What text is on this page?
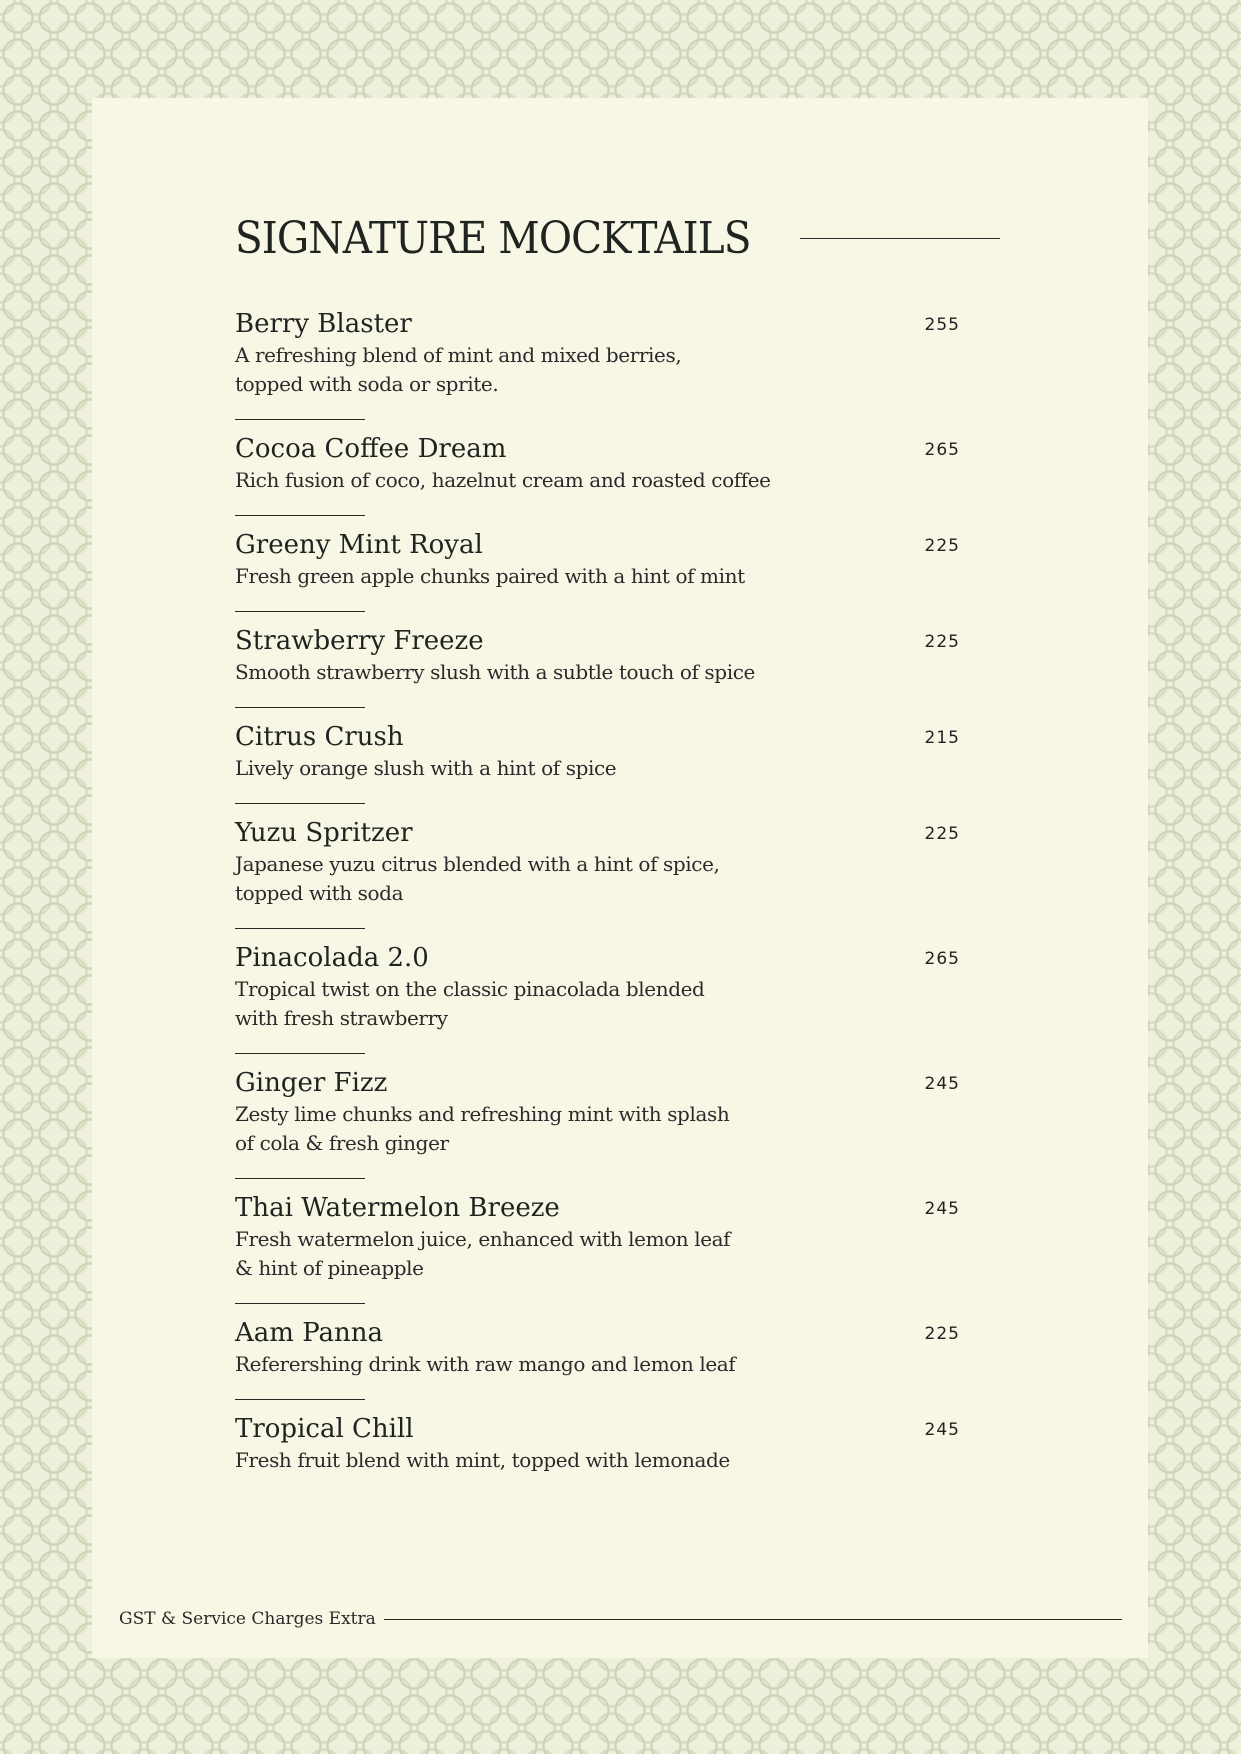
SIGNATURE MOCKTAILS
Berry Blaster	255
A refreshing blend of mint and mixed berries,
topped with soda or sprite.
Cocoa Coffee Dream	265
Rich fusion of coco, hazelnut cream and roasted coffee
Greeny Mint Royal	225
Fresh green apple chunks paired with a hint of mint
Strawberry Freeze	225
Smooth strawberry slush with a subtle touch of spice
Citrus Crush	215
Lively orange slush with a hint of spice
Yuzu Spritzer	225
Japanese yuzu citrus blended with a hint of spice,
topped with soda
Pinacolada 2.0	265
Tropical twist on the classic pinacolada blended
with fresh strawberry
Ginger Fizz	245
Zesty lime chunks and refreshing mint with splash
of cola & fresh ginger
Thai Watermelon Breeze	245
Fresh watermelon juice, enhanced with lemon leaf
& hint of pineapple
Aam Panna	225
Referershing drink with raw mango and lemon leaf
Tropical Chill	245
Fresh fruit blend with mint, topped with lemonade
GST & Service Charges Extra
